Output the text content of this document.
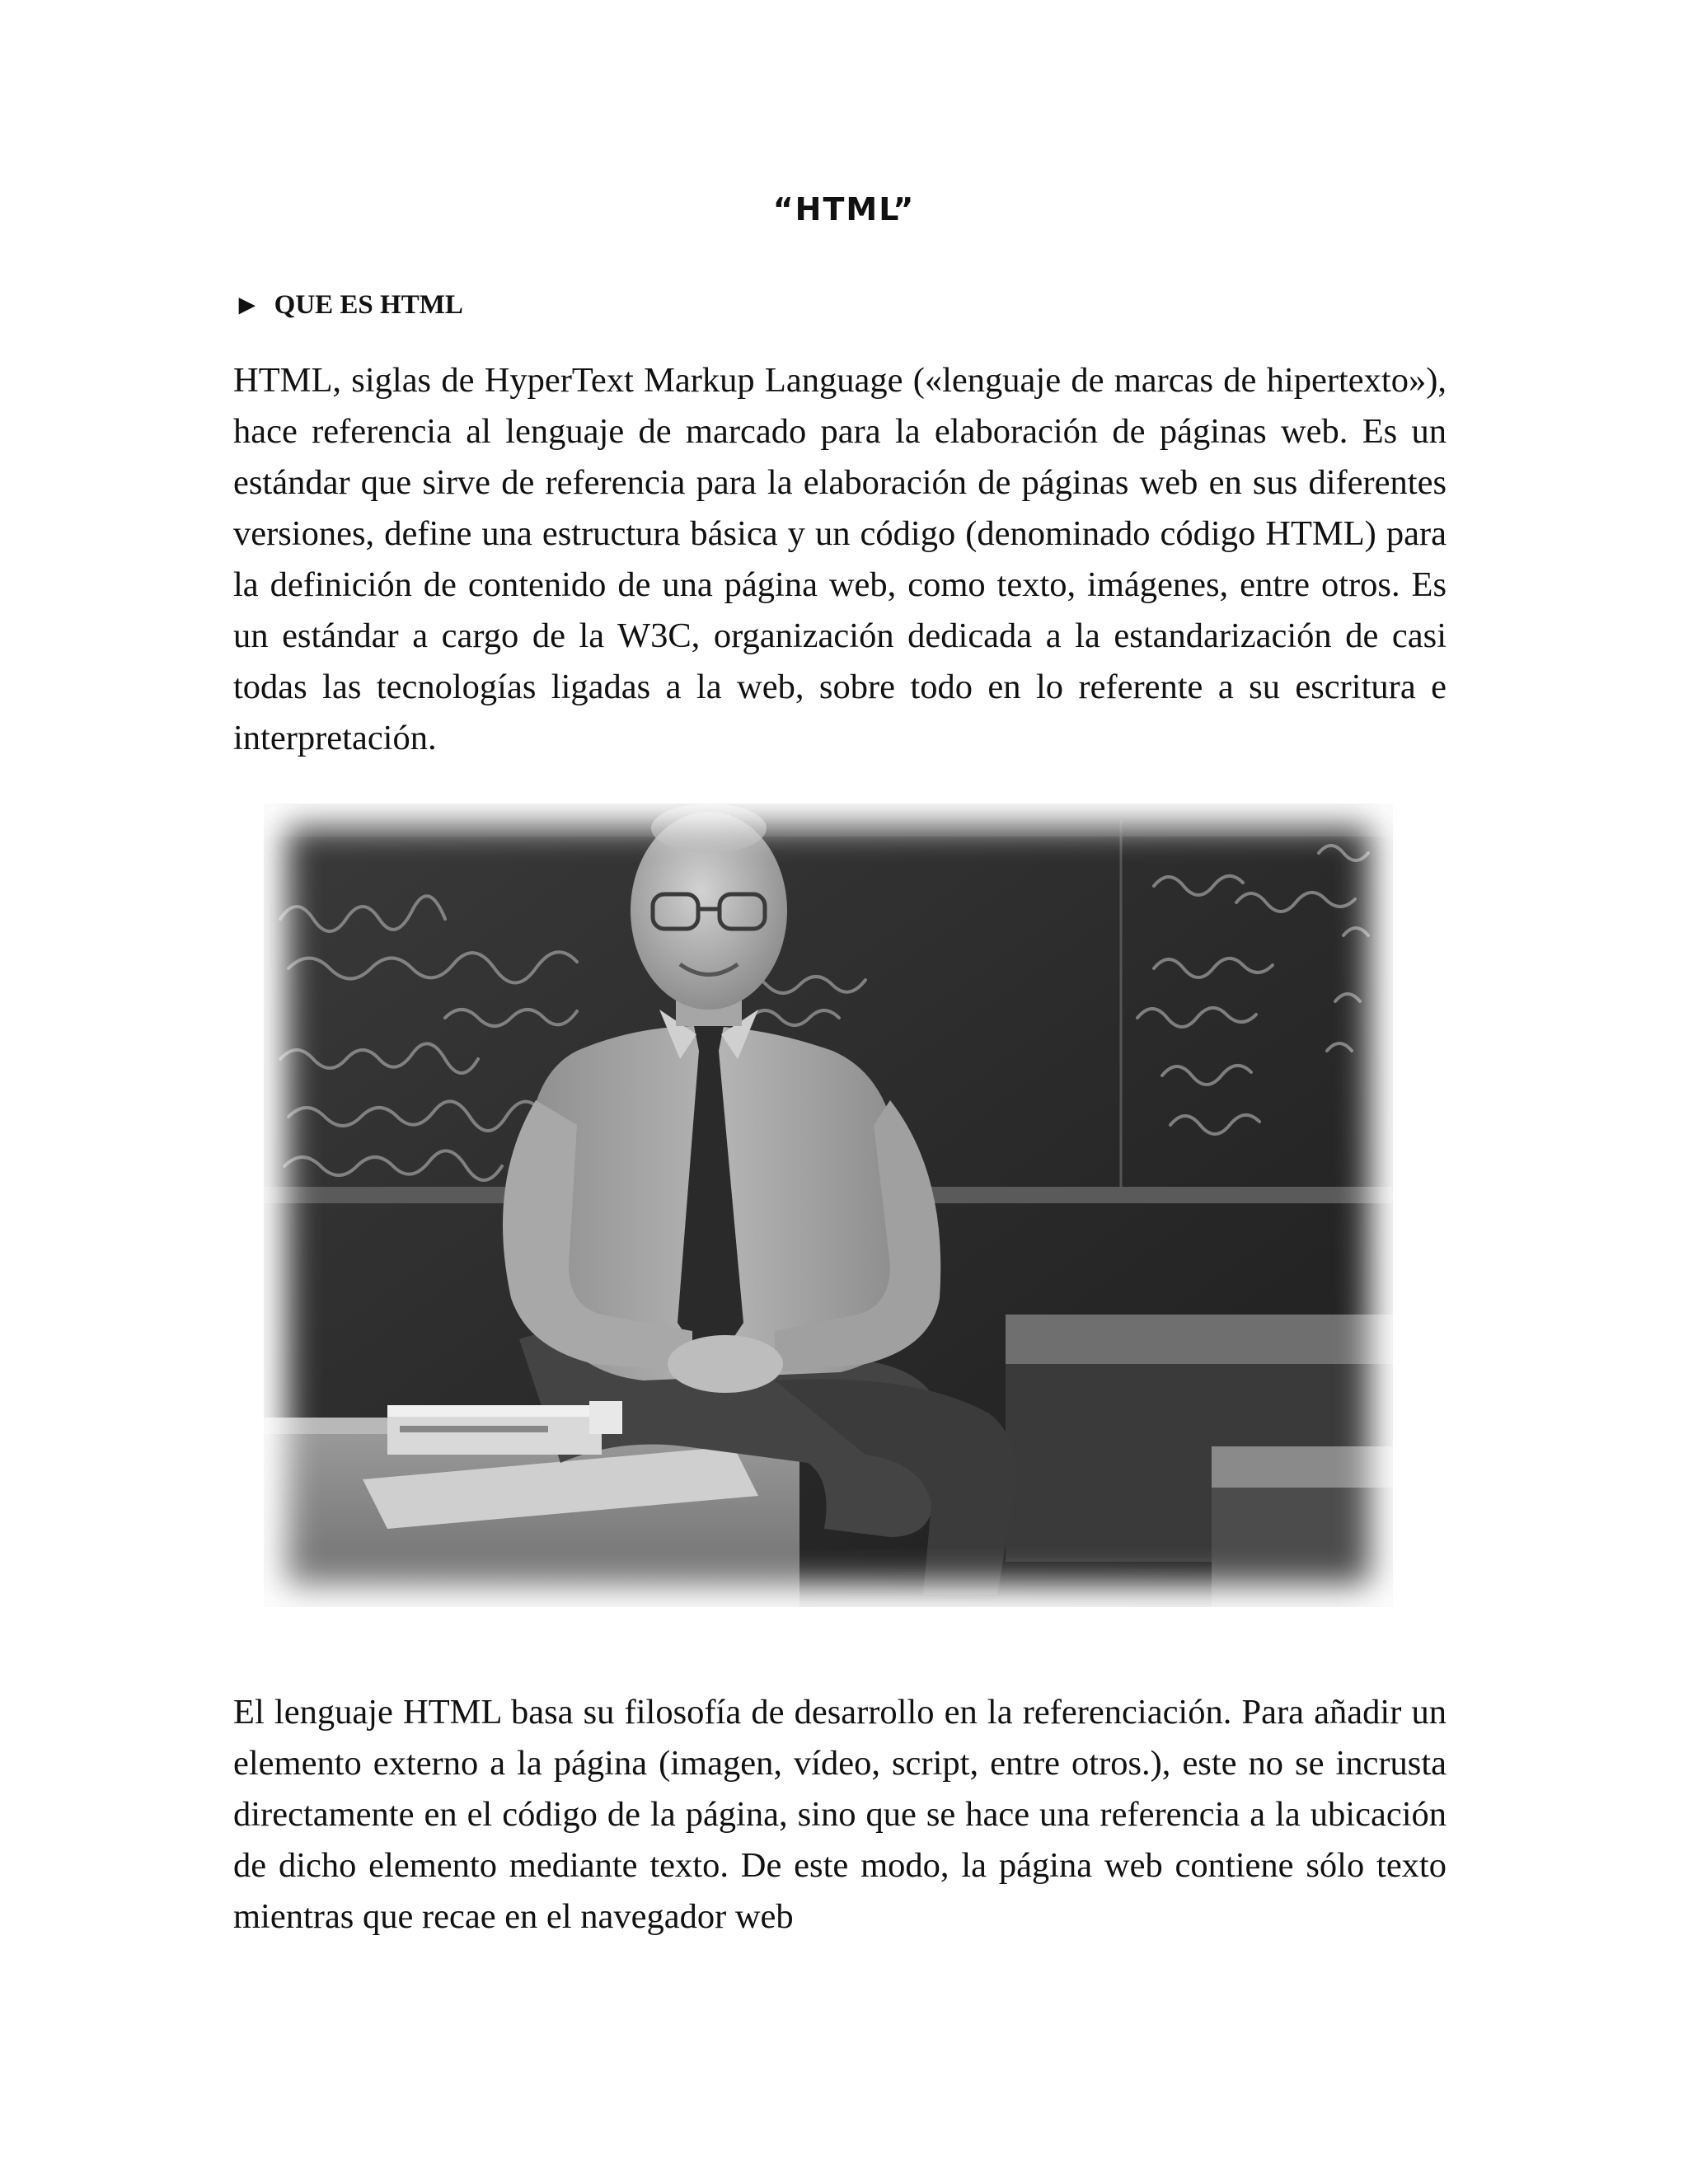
“HTML”
► QUE ES HTML

HTML, siglas de HyperText Markup Language («lenguaje de marcas de hipertexto»), hace referencia al lenguaje de marcado para la elaboración de páginas web. Es un estándar que sirve de referencia para la elaboración de páginas web en sus diferentes versiones, define una estructura básica y un código (denominado código HTML) para la definición de contenido de una página web, como texto, imágenes, entre otros. Es un estándar a cargo de la W3C, organización dedicada a la estandarización de casi todas las tecnologías ligadas a la web, sobre todo en lo referente a su escritura e interpretación.

El lenguaje HTML basa su filosofía de desarrollo en la referenciación. Para añadir un elemento externo a la página (imagen, vídeo, script, entre otros.), este no se incrusta directamente en el código de la página, sino que se hace una referencia a la ubicación de dicho elemento mediante texto. De este modo, la página web contiene sólo texto mientras que recae en el navegador web
